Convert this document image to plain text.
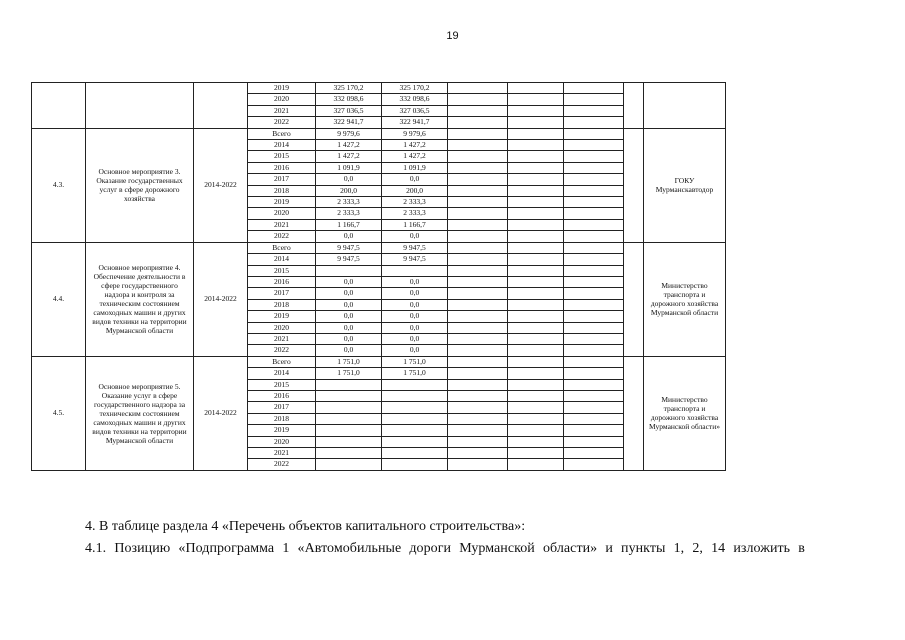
19
			2019	325 170,2	325 170,2					
			2020	332 098,6	332 098,6					
			2021	327 036,5	327 036,5					
			2022	322 941,7	322 941,7					
4.3.	Основное мероприятие 3. Оказание государственных услуг в сфере дорожного хозяйства	2014-2022	Всего	9 979,6	9 979,6					ГОКУ Мурманскавтодор
			2014	1 427,2	1 427,2					
			2015	1 427,2	1 427,2					
			2016	1 091,9	1 091,9					
			2017	0,0	0,0					
			2018	200,0	200,0					
			2019	2 333,3	2 333,3					
			2020	2 333,3	2 333,3					
			2021	1 166,7	1 166,7					
			2022	0,0	0,0					
4.4.	Основное мероприятие 4. Обеспечение деятельности в сфере государственного надзора и контроля за техническим состоянием самоходных машин и других видов техники на территории Мурманской области	2014-2022	Всего	9 947,5	9 947,5					Министерство транспорта и дорожного хозяйства Мурманской области
			2014	9 947,5	9 947,5					
			2015							
			2016	0,0	0,0					
			2017	0,0	0,0					
			2018	0,0	0,0					
			2019	0,0	0,0					
			2020	0,0	0,0					
			2021	0,0	0,0					
			2022	0,0	0,0					
4.5.	Основное мероприятие 5. Оказание услуг в сфере государственного надзора за техническим состоянием самоходных машин и других видов техники на территории Мурманской области	2014-2022	Всего	1 751,0	1 751,0					Министерство транспорта и дорожного хозяйства Мурманской области»
			2014	1 751,0	1 751,0					
			2015							
			2016							
			2017							
			2018							
			2019							
			2020							
			2021							
			2022							
4. В таблице раздела 4 «Перечень объектов капитального строительства»:
4.1. Позицию «Подпрограмма 1 «Автомобильные дороги Мурманской области» и пункты 1, 2, 14 изложить в
